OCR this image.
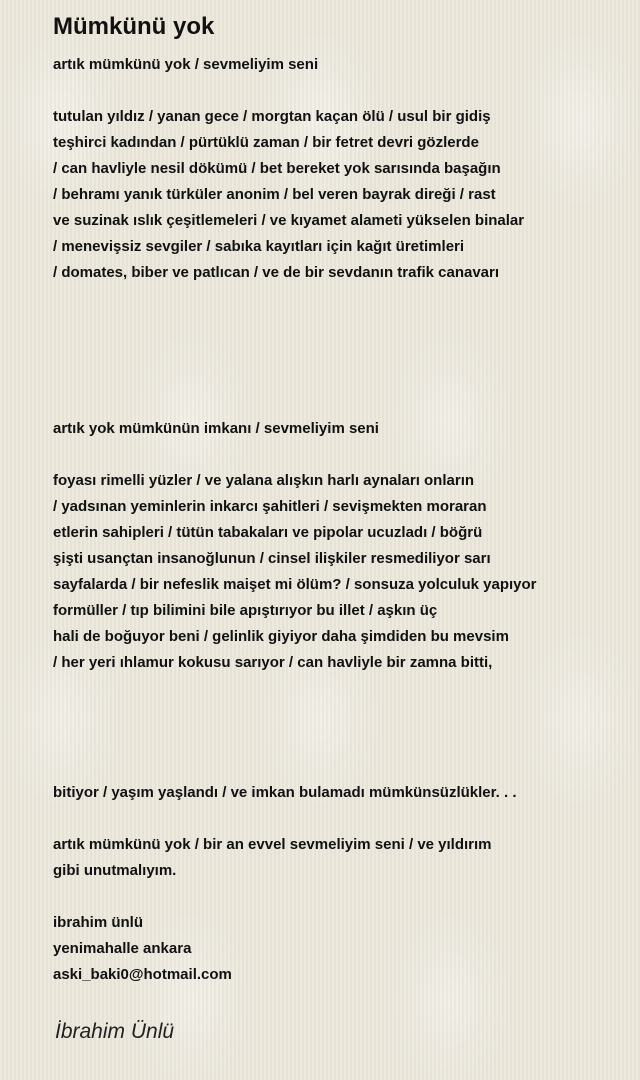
Mümkünü yok
artık mümkünü yok / sevmeliyim seni
tutulan yıldız / yanan gece / morgtan kaçan ölü / usul bir gidiş
teşhirci kadından / pürtüklü zaman / bir fetret devri gözlerde
/ can havliyle nesil dökümü / bet bereket yok sarısında başağın
/ behramı yanık türküler anonim / bel veren bayrak direği / rast
ve suzinak ıslık çeşitlemeleri / ve kıyamet alameti yükselen binalar
/ menevişsiz sevgiler / sabıka kayıtları için kağıt üretimleri
/ domates, biber ve patlıcan / ve de bir sevdanın trafik canavarı
artık yok mümkünün imkanı / sevmeliyim seni
foyası rimelli yüzler / ve yalana alışkın harlı aynaları onların
/ yadsınan yeminlerin inkarcı şahitleri / sevişmekten moraran
etlerin sahipleri / tütün tabakaları ve pipolar ucuzladı / böğrü
şişti usançtan insanoğlunun / cinsel ilişkiler resmediliyor sarı
sayfalarda / bir nefeslik maişet mi ölüm? / sonsuza yolculuk yapıyor
formüller / tıp bilimini bile apıştırıyor bu illet / aşkın üç
hali de boğuyor beni / gelinlik giyiyor daha şimdiden bu mevsim
/ her yeri ıhlamur kokusu sarıyor / can havliyle bir zamna bitti,
bitiyor / yaşım yaşlandı / ve imkan bulamadı mümkünsüzlükler. . .
artık mümkünü yok / bir an evvel sevmeliyim seni / ve yıldırım
gibi unutmalıyım.
ibrahim ünlü
yenimahalle ankara
aski_baki0@hotmail.com
İbrahim Ünlü
